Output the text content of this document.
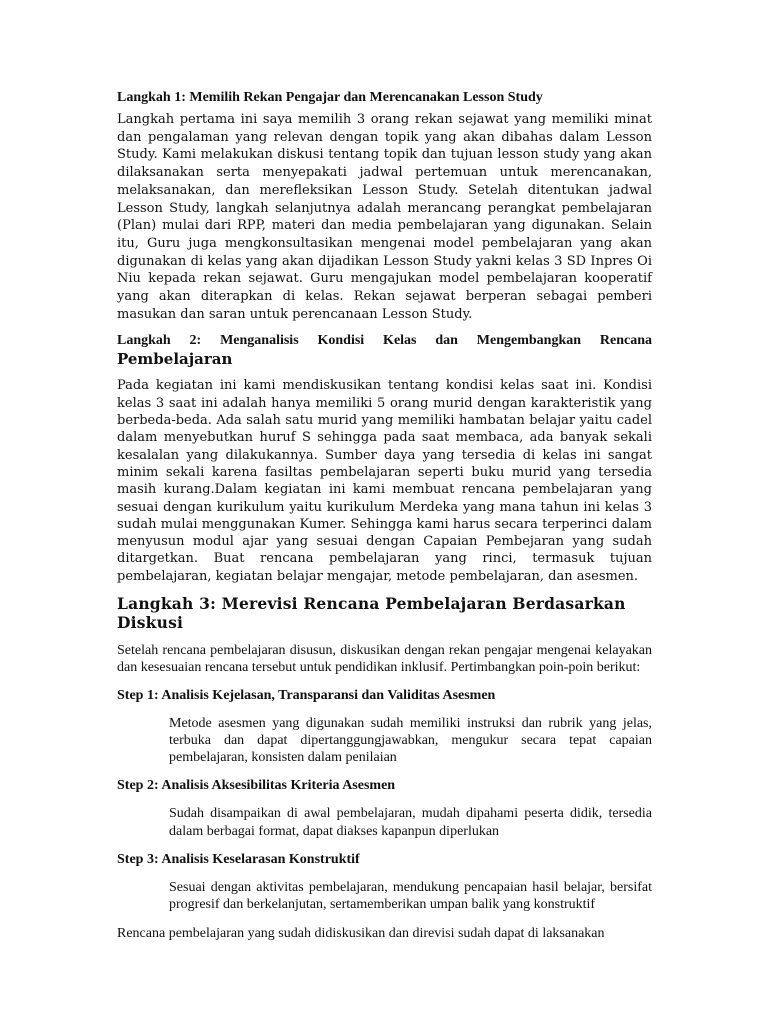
Langkah 1: Memilih Rekan Pengajar dan Merencanakan Lesson Study

Langkah pertama ini saya memilih 3 orang rekan sejawat yang memiliki minat dan pengalaman yang relevan dengan topik yang akan dibahas dalam Lesson Study. Kami melakukan diskusi tentang topik dan tujuan lesson study yang akan dilaksanakan serta menyepakati jadwal pertemuan untuk merencanakan, melaksanakan, dan merefleksikan Lesson Study. Setelah ditentukan jadwal Lesson Study, langkah selanjutnya adalah merancang perangkat pembelajaran (Plan) mulai dari RPP, materi dan media pembelajaran yang digunakan. Selain itu, Guru juga mengkonsultasikan mengenai model pembelajaran yang akan digunakan di kelas yang akan dijadikan Lesson Study yakni kelas 3 SD Inpres Oi Niu kepada rekan sejawat. Guru mengajukan model pembelajaran kooperatif yang akan diterapkan di kelas. Rekan sejawat berperan sebagai pemberi masukan dan saran untuk perencanaan Lesson Study.

Langkah 2: Menganalisis Kondisi Kelas dan Mengembangkan Rencana
Pembelajaran

Pada kegiatan ini kami mendiskusikan tentang kondisi kelas saat ini. Kondisi kelas 3 saat ini adalah hanya memiliki 5 orang murid dengan karakteristik yang berbeda-beda. Ada salah satu murid yang memiliki hambatan belajar yaitu cadel dalam menyebutkan huruf S sehingga pada saat membaca, ada banyak sekali kesalalan yang dilakukannya. Sumber daya yang tersedia di kelas ini sangat minim sekali karena fasiltas pembelajaran seperti buku murid yang tersedia masih kurang.Dalam kegiatan ini kami membuat rencana pembelajaran yang sesuai dengan kurikulum yaitu kurikulum Merdeka yang mana tahun ini kelas 3 sudah mulai menggunakan Kumer. Sehingga kami harus secara terperinci dalam menyusun modul ajar yang sesuai dengan Capaian Pembejaran yang sudah ditargetkan. Buat rencana pembelajaran yang rinci, termasuk tujuan pembelajaran, kegiatan belajar mengajar, metode pembelajaran, dan asesmen.

Langkah 3: Merevisi Rencana Pembelajaran Berdasarkan Diskusi

Setelah rencana pembelajaran disusun, diskusikan dengan rekan pengajar mengenai kelayakan dan kesesuaian rencana tersebut untuk pendidikan inklusif. Pertimbangkan poin-poin berikut:

Step 1: Analisis Kejelasan, Transparansi dan Validitas Asesmen

Metode asesmen yang digunakan sudah memiliki instruksi dan rubrik yang jelas, terbuka dan dapat dipertanggungjawabkan, mengukur secara tepat capaian pembelajaran, konsisten dalam penilaian

Step 2: Analisis Aksesibilitas Kriteria Asesmen

Sudah disampaikan di awal pembelajaran, mudah dipahami peserta didik, tersedia dalam berbagai format, dapat diakses kapanpun diperlukan

Step 3: Analisis Keselarasan Konstruktif

Sesuai dengan aktivitas pembelajaran, mendukung pencapaian hasil belajar, bersifat progresif dan berkelanjutan, sertamemberikan umpan balik yang konstruktif

Rencana pembelajaran yang sudah didiskusikan dan direvisi sudah dapat di laksanakan
